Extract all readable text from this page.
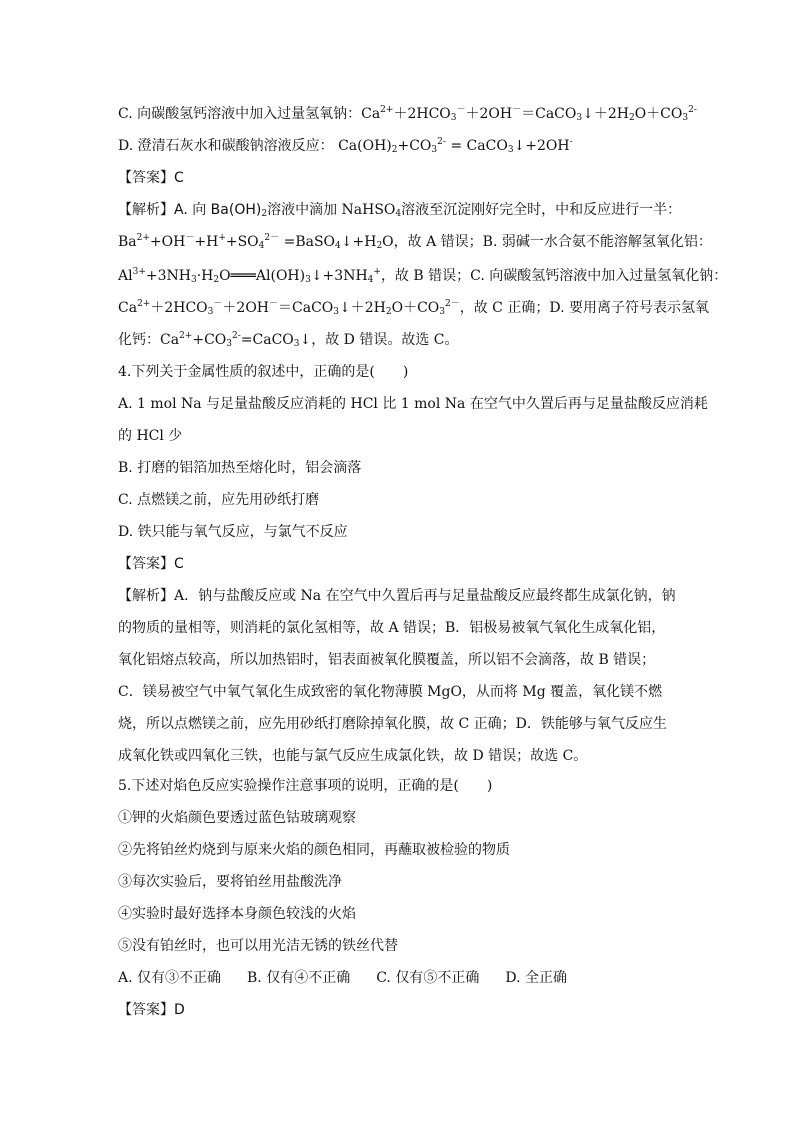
C. 向碳酸氢钙溶液中加入过量氢氧钠：$Ca^{2+}+2HCO_3^-+2OH^-=CaCO_3↓+2H_2O+CO_3^{2-}$
D. 澄清石灰水和碳酸钠溶液反应： $Ca(OH)_2+CO_3^{2-}$ = CaCO$_3$↓+2OH-
【答案】C
【解析】A. 向 $Ba(OH)_2$溶液中滴加 NaHSO$_4$溶液至沉淀刚好完全时，中和反应进行一半：
$Ba^{2+}+OH^-+H^++SO_4^{2-}$ $=BaSO_4↓+H_2O$，故 A 错误；B. 弱碱一水合氨不能溶解氢氧化铝：
$Al^{3+}+3NH_3\cdot H_2O═══Al(OH)_3↓+3NH_4^+$，故 B 错误；C. 向碳酸氢钙溶液中加入过量氢氧化钠：
$Ca^{2+}+2HCO_3^-+2OH^-=CaCO_3↓+2H_2O+CO_3^{2-}$，故 C 正确；D. 要用离子符号表示氢氧
化钙：$Ca^{2+}+CO_3^{2-}=CaCO_3↓$，故 D 错误。故选 C。
4.下列关于金属性质的叙述中，正确的是(　　)
A. 1 mol Na 与足量盐酸反应消耗的 HCl 比 1 mol Na 在空气中久置后再与足量盐酸反应消耗
的 HCl 少
B. 打磨的铝箔加热至熔化时，铝会滴落
C. 点燃镁之前，应先用砂纸打磨
D. 铁只能与氧气反应，与氯气不反应
【答案】C
【解析】A．钠与盐酸反应或 Na 在空气中久置后再与足量盐酸反应最终都生成氯化钠，钠的物质的量相等，则消耗的氯化氢相等，故 A 错误；B．铝极易被氧气氧化生成氧化铝，氧化铝熔点较高，所以加热铝时，铝表面被氧化膜覆盖，所以铝不会滴落，故 B 错误；C．镁易被空气中氧气氧化生成致密的氧化物薄膜 MgO，从而将 Mg 覆盖，氧化镁不燃烧，所以点燃镁之前，应先用砂纸打磨除掉氧化膜，故 C 正确；D．铁能够与氧气反应生成氧化铁或四氧化三铁，也能与氯气反应生成氯化铁，故 D 错误；故选 C。
5.下述对焰色反应实验操作注意事项的说明，正确的是(　　)
①钾的火焰颜色要透过蓝色钴玻璃观察
②先将铂丝灼烧到与原来火焰的颜色相同，再蘸取被检验的物质
③每次实验后，要将铂丝用盐酸洗净
④实验时最好选择本身颜色较浅的火焰
⑤没有铂丝时，也可以用光洁无锈的铁丝代替
A. 仅有③不正确 B. 仅有④不正确 C. 仅有⑤不正确 D. 全正确
【答案】D
